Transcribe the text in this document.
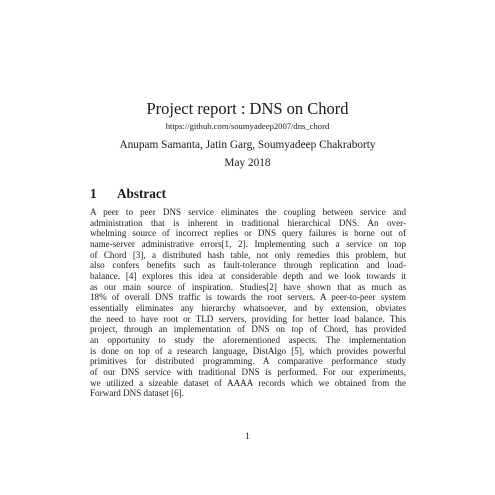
Project report : DNS on Chord
https://github.com/soumyadeep2007/dns_chord
Anupam Samanta, Jatin Garg, Soumyadeep Chakraborty
May 2018
1 Abstract
A peer to peer DNS service eliminates the coupling between service and
administration that is inherent in traditional hierarchical DNS. An over-
whelming source of incorrect replies or DNS query failures is borne out of
name-server administrative errors[1, 2]. Implementing such a service on top
of Chord [3], a distributed hash table, not only remedies this problem, but
also confers benefits such as fault-tolerance through replication and load-
balance. [4] explores this idea at considerable depth and we look towards it
as our main source of inspiration. Studies[2] have shown that as much as
18% of overall DNS traffic is towards the root servers. A peer-to-peer system
essentially eliminates any hierarchy whatsoever, and by extension, obviates
the need to have root or TLD servers, providing for better load balance. This
project, through an implementation of DNS on top of Chord, has provided
an opportunity to study the aforementioned aspects. The implementation
is done on top of a research language, DistAlgo [5], which provides powerful
primitives for distributed programming. A comparative performance study
of our DNS service with traditional DNS is performed. For our experiments,
we utilized a sizeable dataset of AAAA records which we obtained from the
Forward DNS dataset [6].
1
